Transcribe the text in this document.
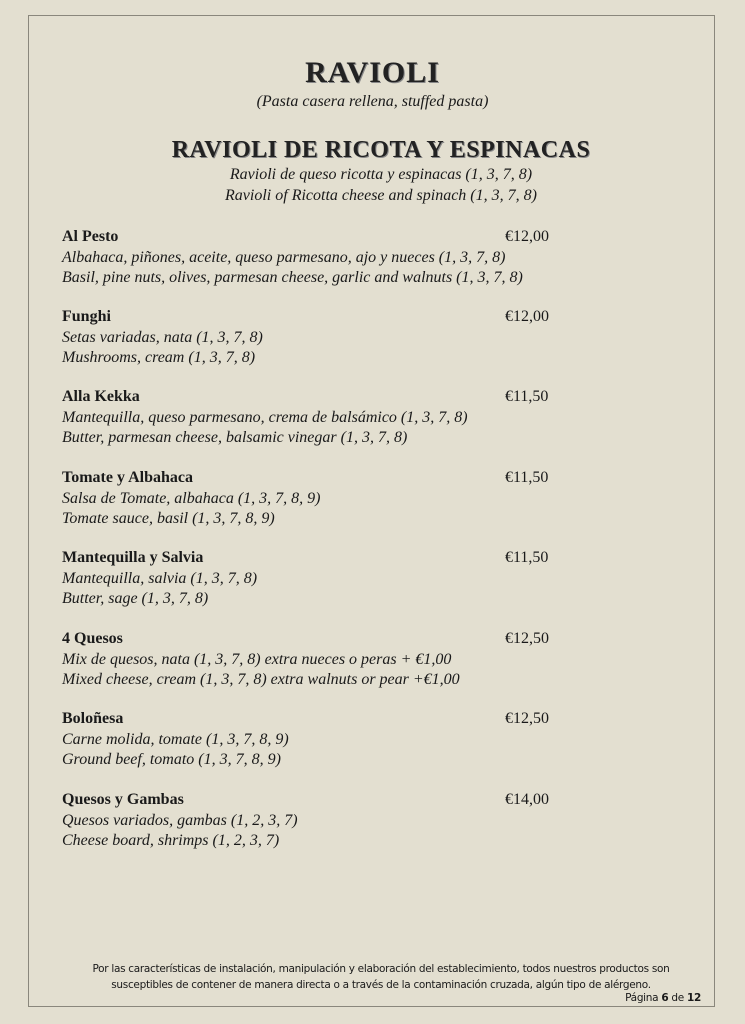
RAVIOLI
(Pasta casera rellena, stuffed pasta)
RAVIOLI DE RICOTA Y ESPINACAS
Ravioli de queso ricotta y espinacas (1, 3, 7, 8)
Ravioli of Ricotta cheese and spinach (1, 3, 7, 8)
Al Pesto	€12,00
Albahaca, piñones, aceite, queso parmesano, ajo y nueces (1, 3, 7, 8)
Basil, pine nuts, olives, parmesan cheese, garlic and walnuts (1, 3, 7, 8)
Funghi	€12,00
Setas variadas, nata (1, 3, 7, 8)
Mushrooms, cream (1, 3, 7, 8)
Alla Kekka	€11,50
Mantequilla, queso parmesano, crema de balsámico (1, 3, 7, 8)
Butter, parmesan cheese, balsamic vinegar (1, 3, 7, 8)
Tomate y Albahaca	€11,50
Salsa de Tomate, albahaca (1, 3, 7, 8, 9)
Tomate sauce, basil (1, 3, 7, 8, 9)
Mantequilla y Salvia	€11,50
Mantequilla, salvia (1, 3, 7, 8)
Butter, sage (1, 3, 7, 8)
4 Quesos	€12,50
Mix de quesos, nata (1, 3, 7, 8) extra nueces o peras + €1,00
Mixed cheese, cream (1, 3, 7, 8) extra walnuts or pear +€1,00
Boloñesa	€12,50
Carne molida, tomate (1, 3, 7, 8, 9)
Ground beef, tomato (1, 3, 7, 8, 9)
Quesos y Gambas	€14,00
Quesos variados, gambas (1, 2, 3, 7)
Cheese board, shrimps (1, 2, 3, 7)
Por las características de instalación, manipulación y elaboración del establecimiento, todos nuestros productos son
susceptibles de contener de manera directa o a través de la contaminación cruzada, algún tipo de alérgeno.
Página 6 de 12
